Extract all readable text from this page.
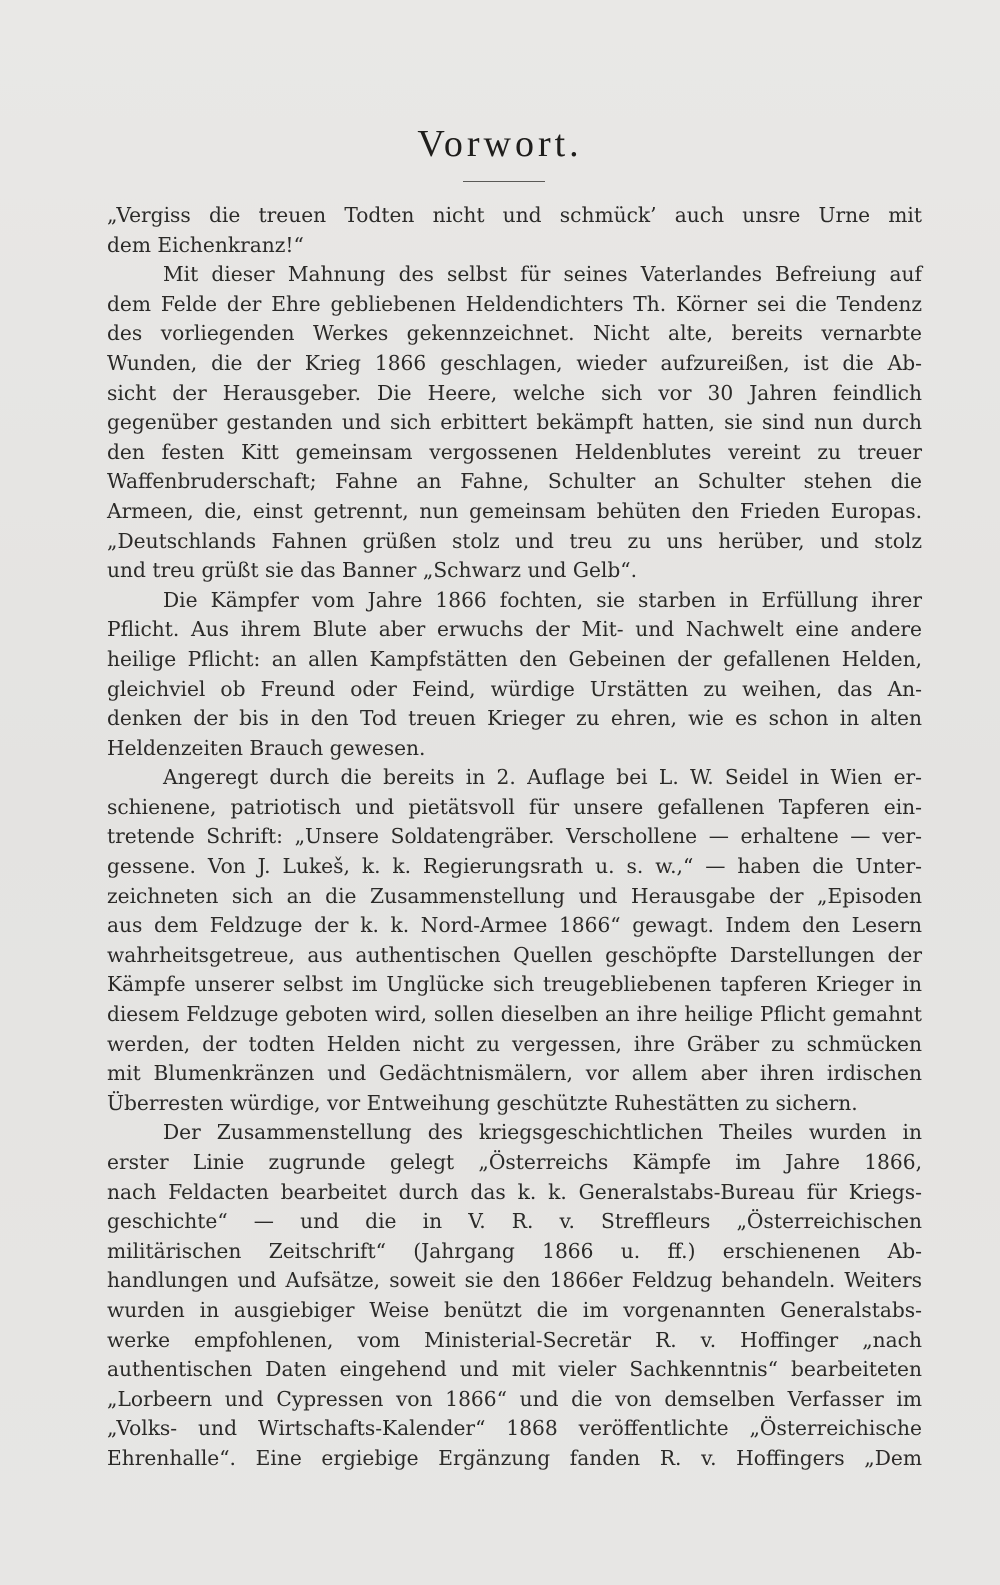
Vorwort.
„Vergiss die treuen Todten nicht und schmück’ auch unsre Urne mit
dem Eichenkranz!“
Mit dieser Mahnung des selbst für seines Vaterlandes Befreiung auf
dem Felde der Ehre gebliebenen Heldendichters Th. Körner sei die Tendenz
des vorliegenden Werkes gekennzeichnet. Nicht alte, bereits vernarbte
Wunden, die der Krieg 1866 geschlagen, wieder aufzureißen, ist die Ab-
sicht der Herausgeber. Die Heere, welche sich vor 30 Jahren feindlich
gegenüber gestanden und sich erbittert bekämpft hatten, sie sind nun durch
den festen Kitt gemeinsam vergossenen Heldenblutes vereint zu treuer
Waffenbruderschaft; Fahne an Fahne, Schulter an Schulter stehen die
Armeen, die, einst getrennt, nun gemeinsam behüten den Frieden Europas.
„Deutschlands Fahnen grüßen stolz und treu zu uns herüber, und stolz
und treu grüßt sie das Banner „Schwarz und Gelb“.
Die Kämpfer vom Jahre 1866 fochten, sie starben in Erfüllung ihrer
Pflicht. Aus ihrem Blute aber erwuchs der Mit- und Nachwelt eine andere
heilige Pflicht: an allen Kampfstätten den Gebeinen der gefallenen Helden,
gleichviel ob Freund oder Feind, würdige Urstätten zu weihen, das An-
denken der bis in den Tod treuen Krieger zu ehren, wie es schon in alten
Heldenzeiten Brauch gewesen.
Angeregt durch die bereits in 2. Auflage bei L. W. Seidel in Wien er-
schienene, patriotisch und pietätsvoll für unsere gefallenen Tapferen ein-
tretende Schrift: „Unsere Soldatengräber. Verschollene — erhaltene — ver-
gessene. Von J. Lukeš, k. k. Regierungsrath u. s. w.,“ — haben die Unter-
zeichneten sich an die Zusammenstellung und Herausgabe der „Episoden
aus dem Feldzuge der k. k. Nord-Armee 1866“ gewagt. Indem den Lesern
wahrheitsgetreue, aus authentischen Quellen geschöpfte Darstellungen der
Kämpfe unserer selbst im Unglücke sich treugebliebenen tapferen Krieger in
diesem Feldzuge geboten wird, sollen dieselben an ihre heilige Pflicht gemahnt
werden, der todten Helden nicht zu vergessen, ihre Gräber zu schmücken
mit Blumenkränzen und Gedächtnismälern, vor allem aber ihren irdischen
Überresten würdige, vor Entweihung geschützte Ruhestätten zu sichern.
Der Zusammenstellung des kriegsgeschichtlichen Theiles wurden in
erster Linie zugrunde gelegt „Österreichs Kämpfe im Jahre 1866,
nach Feldacten bearbeitet durch das k. k. Generalstabs-Bureau für Kriegs-
geschichte“ — und die in V. R. v. Streffleurs „Österreichischen
militärischen Zeitschrift“ (Jahrgang 1866 u. ff.) erschienenen Ab-
handlungen und Aufsätze, soweit sie den 1866er Feldzug behandeln. Weiters
wurden in ausgiebiger Weise benützt die im vorgenannten Generalstabs-
werke empfohlenen, vom Ministerial-Secretär R. v. Hoffinger „nach
authentischen Daten eingehend und mit vieler Sachkenntnis“ bearbeiteten
„Lorbeern und Cypressen von 1866“ und die von demselben Verfasser im
„Volks- und Wirtschafts-Kalender“ 1868 veröffentlichte „Österreichische
Ehrenhalle“. Eine ergiebige Ergänzung fanden R. v. Hoffingers „Dem
